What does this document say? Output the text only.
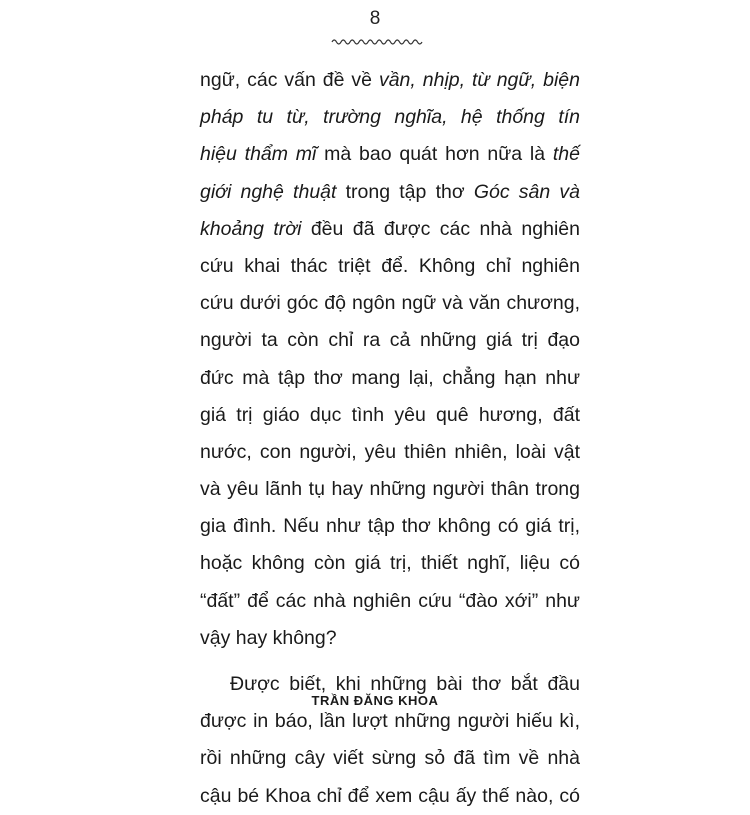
8
ngữ, các vấn đề về vần, nhịp, từ ngữ, biện
pháp tu từ, trường nghĩa, hệ thống tín
hiệu thẩm mĩ mà bao quát hơn nữa là thế
giới nghệ thuật trong tập thơ Góc sân và
khoảng trời đều đã được các nhà nghiên
cứu khai thác triệt để. Không chỉ nghiên
cứu dưới góc độ ngôn ngữ và văn chương,
người ta còn chỉ ra cả những giá trị đạo
đức mà tập thơ mang lại, chẳng hạn như
giá trị giáo dục tình yêu quê hương, đất
nước, con người, yêu thiên nhiên, loài vật
và yêu lãnh tụ hay những người thân trong
gia đình. Nếu như tập thơ không có giá trị,
hoặc không còn giá trị, thiết nghĩ, liệu có
“đất” để các nhà nghiên cứu “đào xới” như
vậy hay không?
Được biết, khi những bài thơ bắt đầu
được in báo, lần lượt những người hiếu kì,
rồi những cây viết sừng sỏ đã tìm về nhà
cậu bé Khoa chỉ để xem cậu ấy thế nào, có
TRẦN ĐĂNG KHOA
